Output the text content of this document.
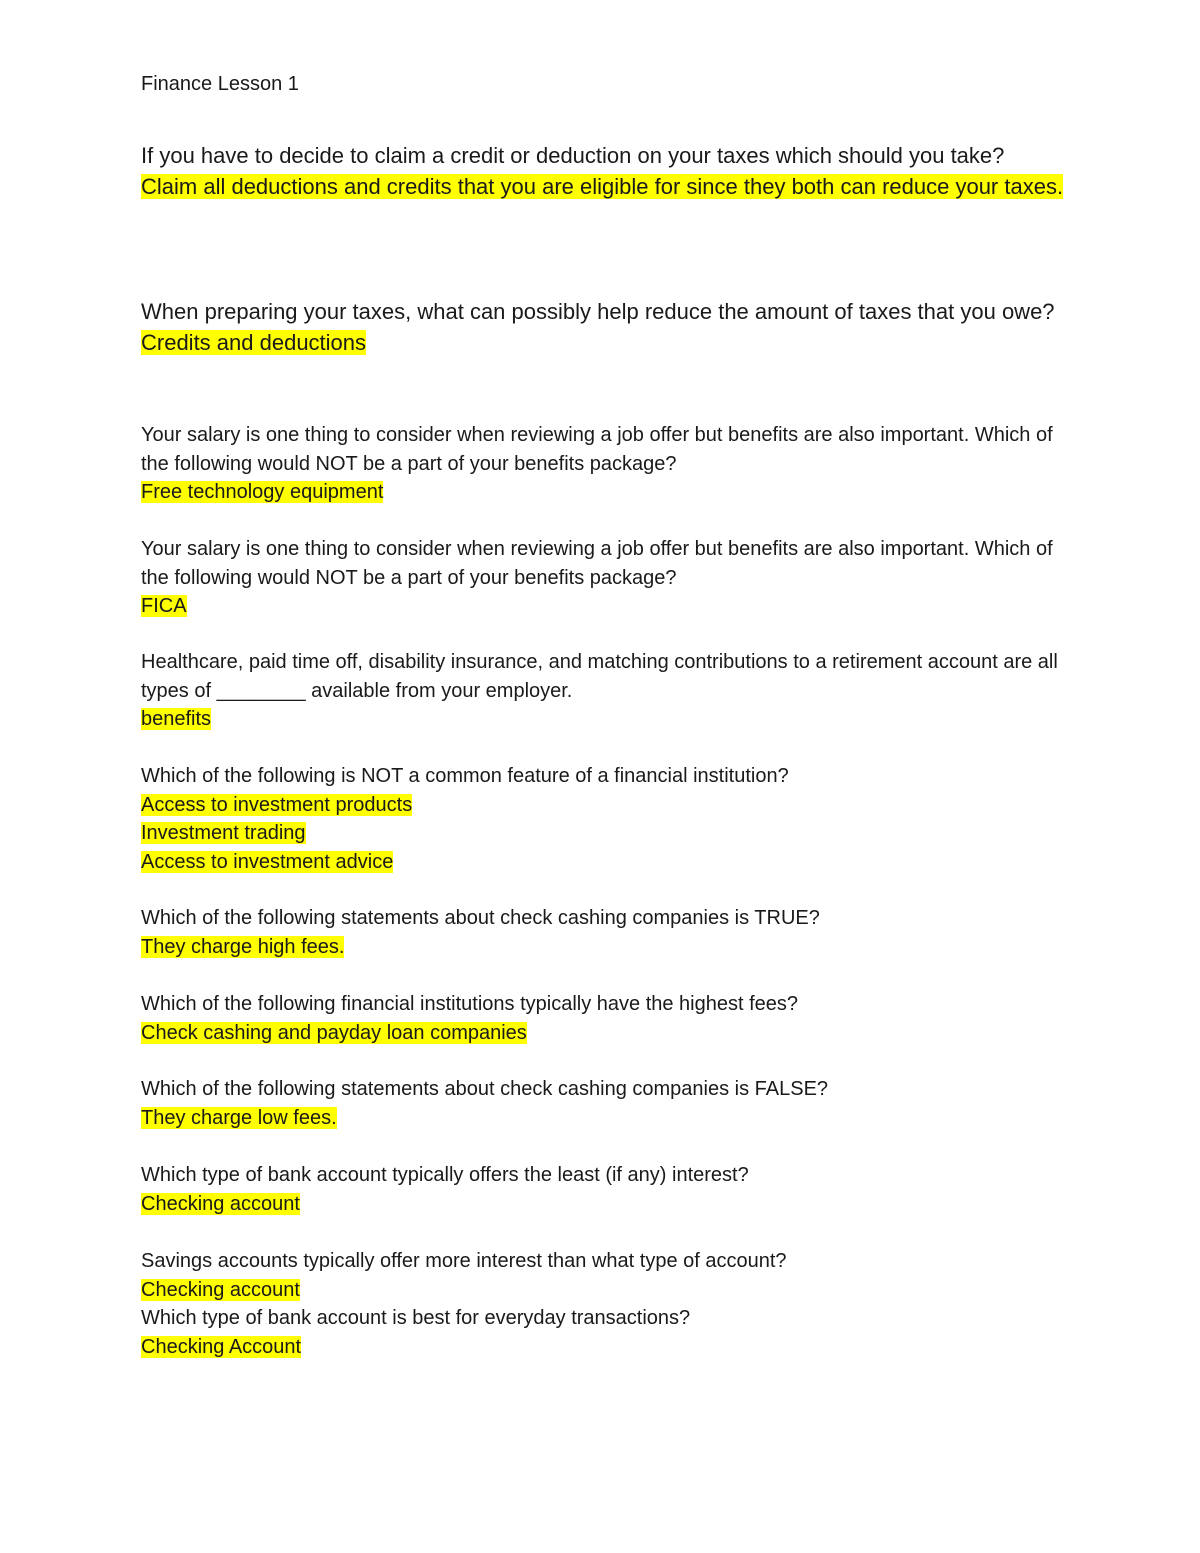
Finance Lesson 1
If you have to decide to claim a credit or deduction on your taxes which should you take?
Claim all deductions and credits that you are eligible for since they both can reduce your taxes.
When preparing your taxes, what can possibly help reduce the amount of taxes that you owe?
Credits and deductions
Your salary is one thing to consider when reviewing a job offer but benefits are also important. Which of the following would NOT be a part of your benefits package?
Free technology equipment
Your salary is one thing to consider when reviewing a job offer but benefits are also important. Which of the following would NOT be a part of your benefits package?
FICA
Healthcare, paid time off, disability insurance, and matching contributions to a retirement account are all types of ________ available from your employer.
benefits
Which of the following is NOT a common feature of a financial institution?
Access to investment products
Investment trading
Access to investment advice
Which of the following statements about check cashing companies is TRUE?
They charge high fees.
Which of the following financial institutions typically have the highest fees?
Check cashing and payday loan companies
Which of the following statements about check cashing companies is FALSE?
They charge low fees.
Which type of bank account typically offers the least (if any) interest?
Checking account
Savings accounts typically offer more interest than what type of account?
Checking account
Which type of bank account is best for everyday transactions?
Checking Account
